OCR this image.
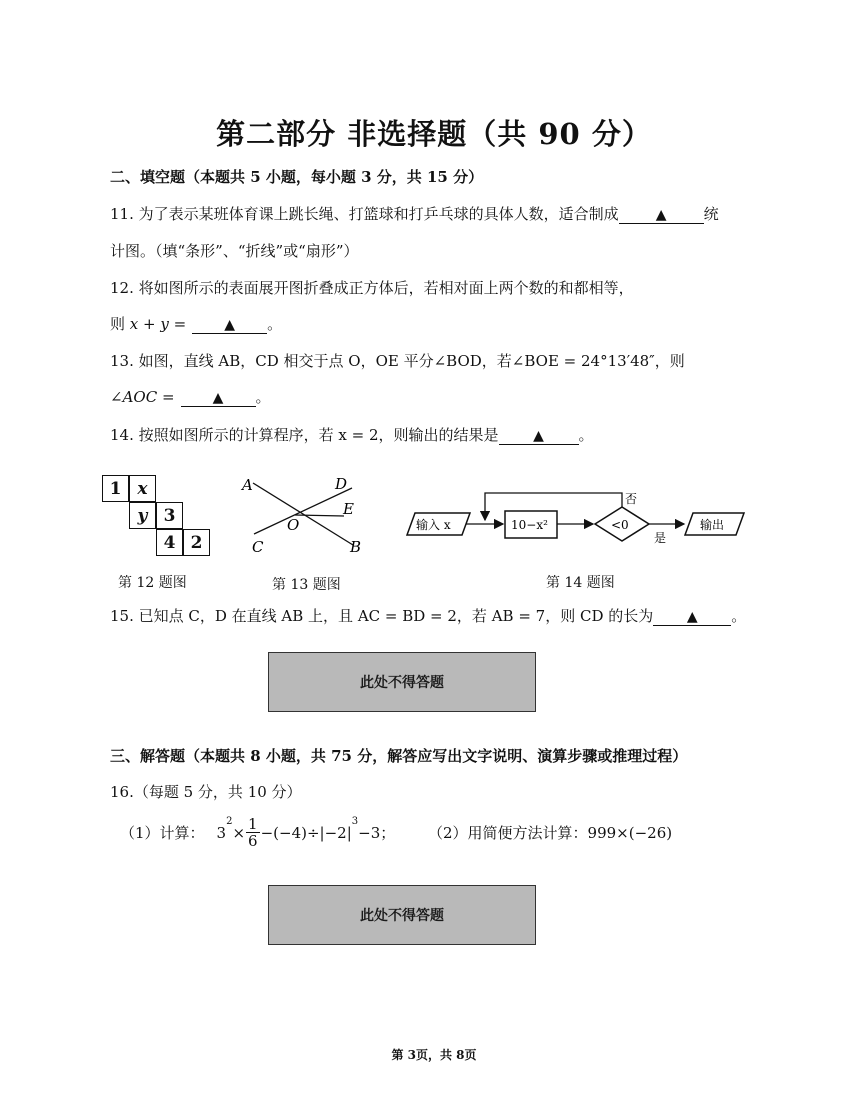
第二部分 非选择题（共 90 分）
二、填空题（本题共 5 小题，每小题 3 分，共 15 分）
11. 为了表示某班体育课上跳长绳、打篮球和打乒乓球的具体人数，适合制成	▲ 统
计图。（填“条形”、“折线”或“扇形”）
12. 将如图所示的表面展开图折叠成正方体后，若相对面上两个数的和都相等，
则 x + y =	▲ 。
13. 如图，直线 AB，CD 相交于点 O，OE 平分∠BOD，若∠BOE = 24°13′48″，则
∠AOC =	▲ 。
14. 按照如图所示的计算程序，若 x = 2，则输出的结果是 ▲ 。
1 x
y 3
4 2
第 12 题图
A	D
E
O
C	B
第 13 题图
输入 x	10−x²	<0
否
是
输出
第 14 题图
15. 已知点 C，D 在直线 AB 上，且 AC = BD = 2，若 AB = 7，则 CD 的长为 ▲ 。
此处不得答题
三、解答题（本题共 8 小题，共 75 分，解答应写出文字说明、演算步骤或推理过程）
16.（每题 5 分，共 10 分）
（1）计算： 3
$^2$
× $\frac{1}{6} -(-4)\div|-2|$
$^3$
−3； （2）用简便方法计算：999×(−26)
此处不得答题
第 3页，共 8页
